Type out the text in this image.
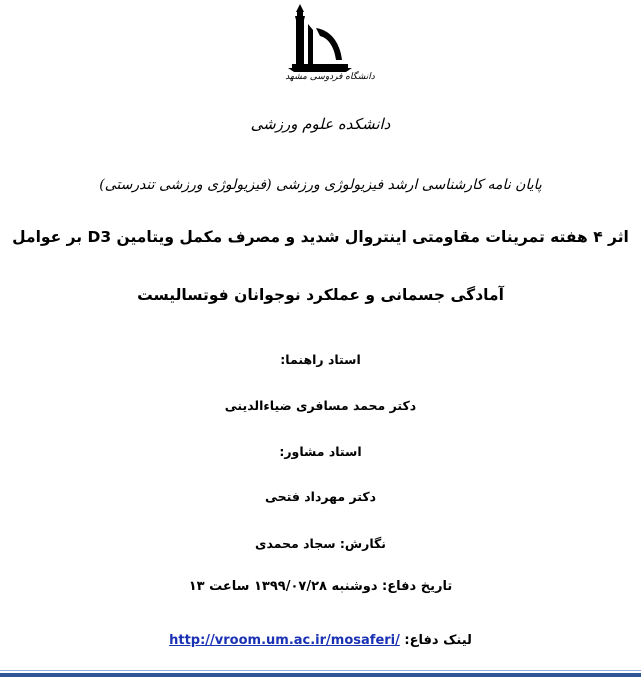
دانشگاه فردوسی مشهد
دانشکده علوم ورزشی
پایان نامه کارشناسی ارشد فیزیولوژی ورزشی (فیزیولوژی ورزشی تندرستی)
اثر ۴ هفته تمرینات مقاومتی اینتروال شدید و مصرف مکمل ویتامین D3 بر عوامل
آمادگی جسمانی و عملکرد نوجوانان فوتسالیست
استاد راهنما:
دکتر محمد مسافری ضیاءالدینی
استاد مشاور:
دکتر مهرداد فتحی
نگارش: سجاد محمدی
تاریخ دفاع: دوشنبه ۱۳۹۹/۰۷/۲۸ ساعت ۱۳
لینک دفاع: http://vroom.um.ac.ir/mosaferi/
